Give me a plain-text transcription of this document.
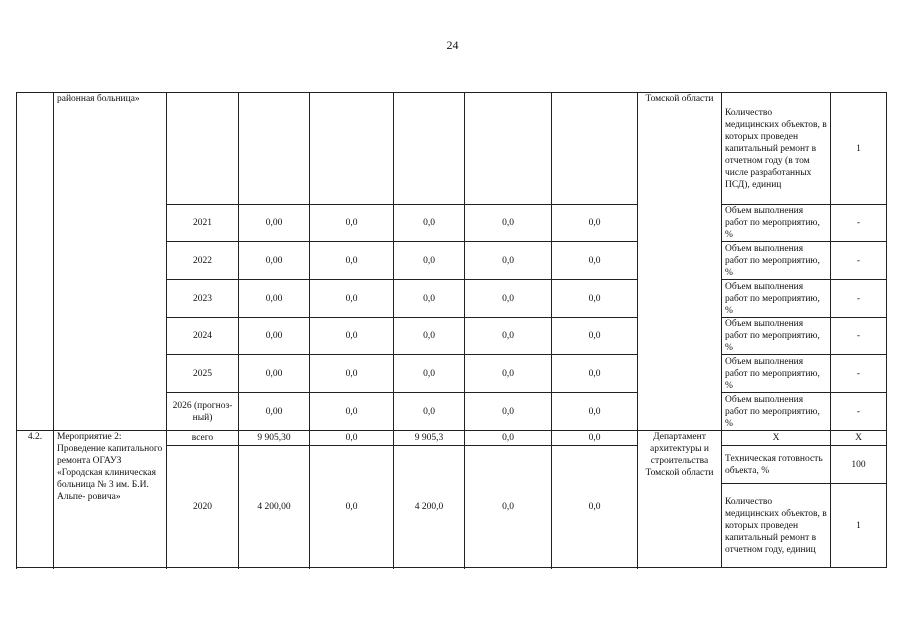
24
	районная больница»							Томской области	Количество медицинских объектов, в которых проведен капитальный ремонт в отчетном году (в том числе разработанных ПСД), единиц	1
		2021	0,00	0,0	0,0	0,0	0,0		Объем выполнения работ по мероприятию, %	-
		2022	0,00	0,0	0,0	0,0	0,0		Объем выполнения работ по мероприятию, %	-
		2023	0,00	0,0	0,0	0,0	0,0		Объем выполнения работ по мероприятию, %	-
		2024	0,00	0,0	0,0	0,0	0,0		Объем выполнения работ по мероприятию, %	-
		2025	0,00	0,0	0,0	0,0	0,0		Объем выполнения работ по мероприятию, %	-
		2026 (прогноз- ный)	0,00	0,0	0,0	0,0	0,0		Объем выполнения работ по мероприятию, %	-
4.2.	Мероприятие 2: Проведение капитального ремонта ОГАУЗ «Городская клиническая больница № 3 им. Б.И. Альпе- ровича»	всего	9 905,30	0,0	9 905,3	0,0	0,0	Департамент архитектуры и строительства Томской области	X	X
		2020	4 200,00	0,0	4 200,0	0,0	0,0		Техническая готовность объекта, %	100
									Количество медицинских объектов, в которых проведен капитальный ремонт в отчетном году, единиц	1
